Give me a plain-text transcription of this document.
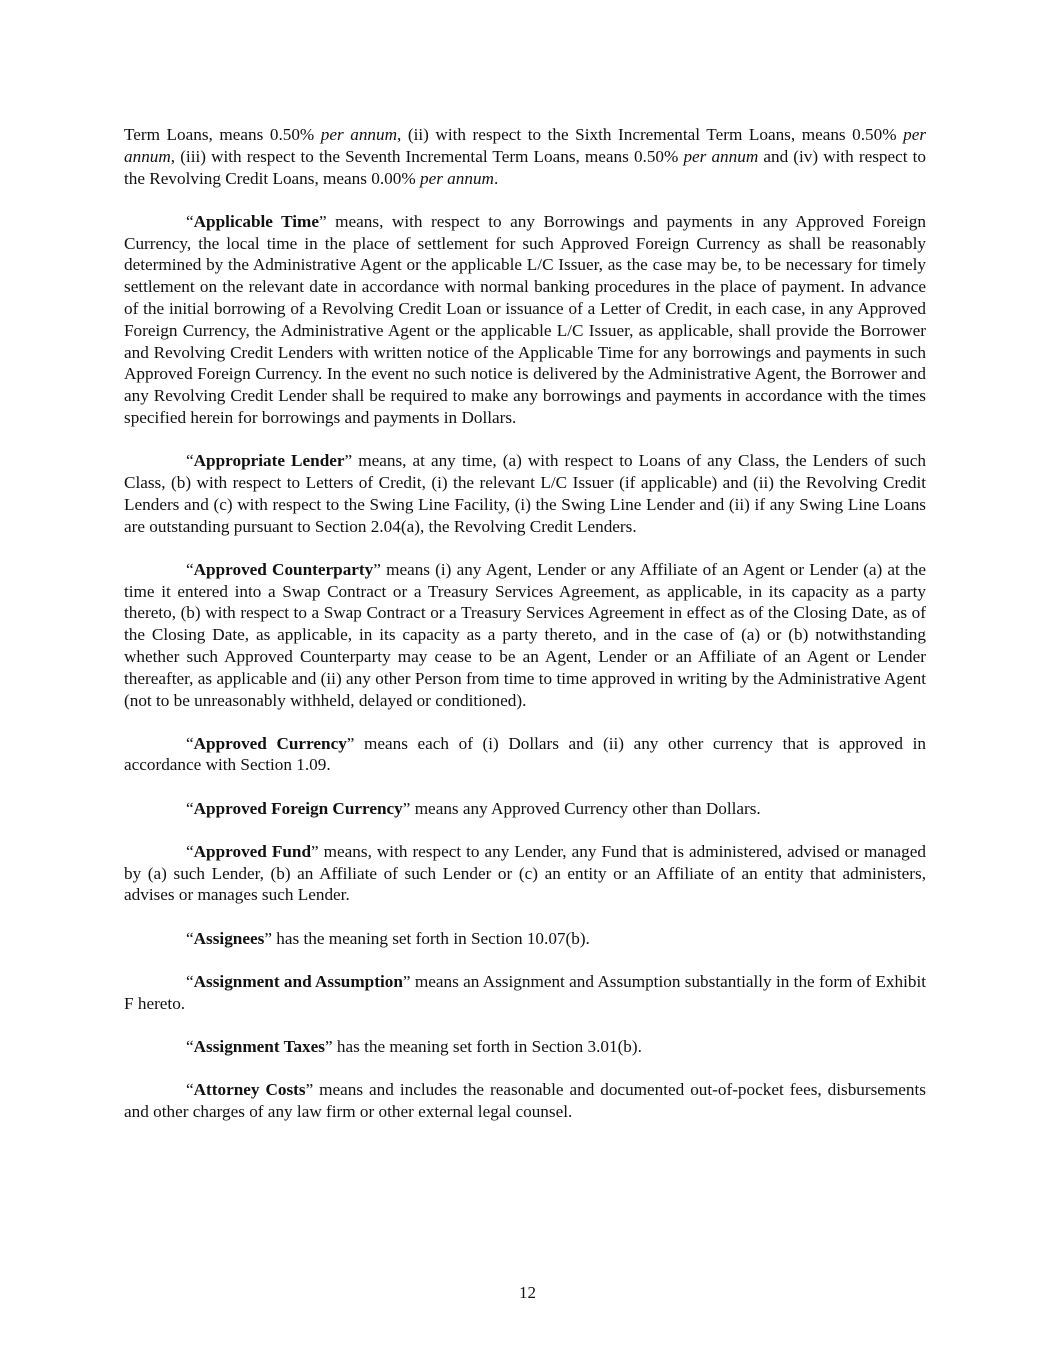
Term Loans, means 0.50% per annum, (ii) with respect to the Sixth Incremental Term Loans, means 0.50% per annum, (iii) with respect to the Seventh Incremental Term Loans, means 0.50% per annum and (iv) with respect to the Revolving Credit Loans, means 0.00% per annum.

“Applicable Time” means, with respect to any Borrowings and payments in any Approved Foreign Currency, the local time in the place of settlement for such Approved Foreign Currency as shall be reasonably determined by the Administrative Agent or the applicable L/C Issuer, as the case may be, to be necessary for timely settlement on the relevant date in accordance with normal banking procedures in the place of payment. In advance of the initial borrowing of a Revolving Credit Loan or issuance of a Letter of Credit, in each case, in any Approved Foreign Currency, the Administrative Agent or the applicable L/C Issuer, as applicable, shall provide the Borrower and Revolving Credit Lenders with written notice of the Applicable Time for any borrowings and payments in such Approved Foreign Currency. In the event no such notice is delivered by the Administrative Agent, the Borrower and any Revolving Credit Lender shall be required to make any borrowings and payments in accordance with the times specified herein for borrowings and payments in Dollars.

“Appropriate Lender” means, at any time, (a) with respect to Loans of any Class, the Lenders of such Class, (b) with respect to Letters of Credit, (i) the relevant L/C Issuer (if applicable) and (ii) the Revolving Credit Lenders and (c) with respect to the Swing Line Facility, (i) the Swing Line Lender and (ii) if any Swing Line Loans are outstanding pursuant to Section 2.04(a), the Revolving Credit Lenders.

“Approved Counterparty” means (i) any Agent, Lender or any Affiliate of an Agent or Lender (a) at the time it entered into a Swap Contract or a Treasury Services Agreement, as applicable, in its capacity as a party thereto, (b) with respect to a Swap Contract or a Treasury Services Agreement in effect as of the Closing Date, as of the Closing Date, as applicable, in its capacity as a party thereto, and in the case of (a) or (b) notwithstanding whether such Approved Counterparty may cease to be an Agent, Lender or an Affiliate of an Agent or Lender thereafter, as applicable and (ii) any other Person from time to time approved in writing by the Administrative Agent (not to be unreasonably withheld, delayed or conditioned).

“Approved Currency” means each of (i) Dollars and (ii) any other currency that is approved in accordance with Section 1.09.

“Approved Foreign Currency” means any Approved Currency other than Dollars.

“Approved Fund” means, with respect to any Lender, any Fund that is administered, advised or managed by (a) such Lender, (b) an Affiliate of such Lender or (c) an entity or an Affiliate of an entity that administers, advises or manages such Lender.

“Assignees” has the meaning set forth in Section 10.07(b).

“Assignment and Assumption” means an Assignment and Assumption substantially in the form of Exhibit F hereto.

“Assignment Taxes” has the meaning set forth in Section 3.01(b).

“Attorney Costs” means and includes the reasonable and documented out-of-pocket fees, disbursements and other charges of any law firm or other external legal counsel.

12
